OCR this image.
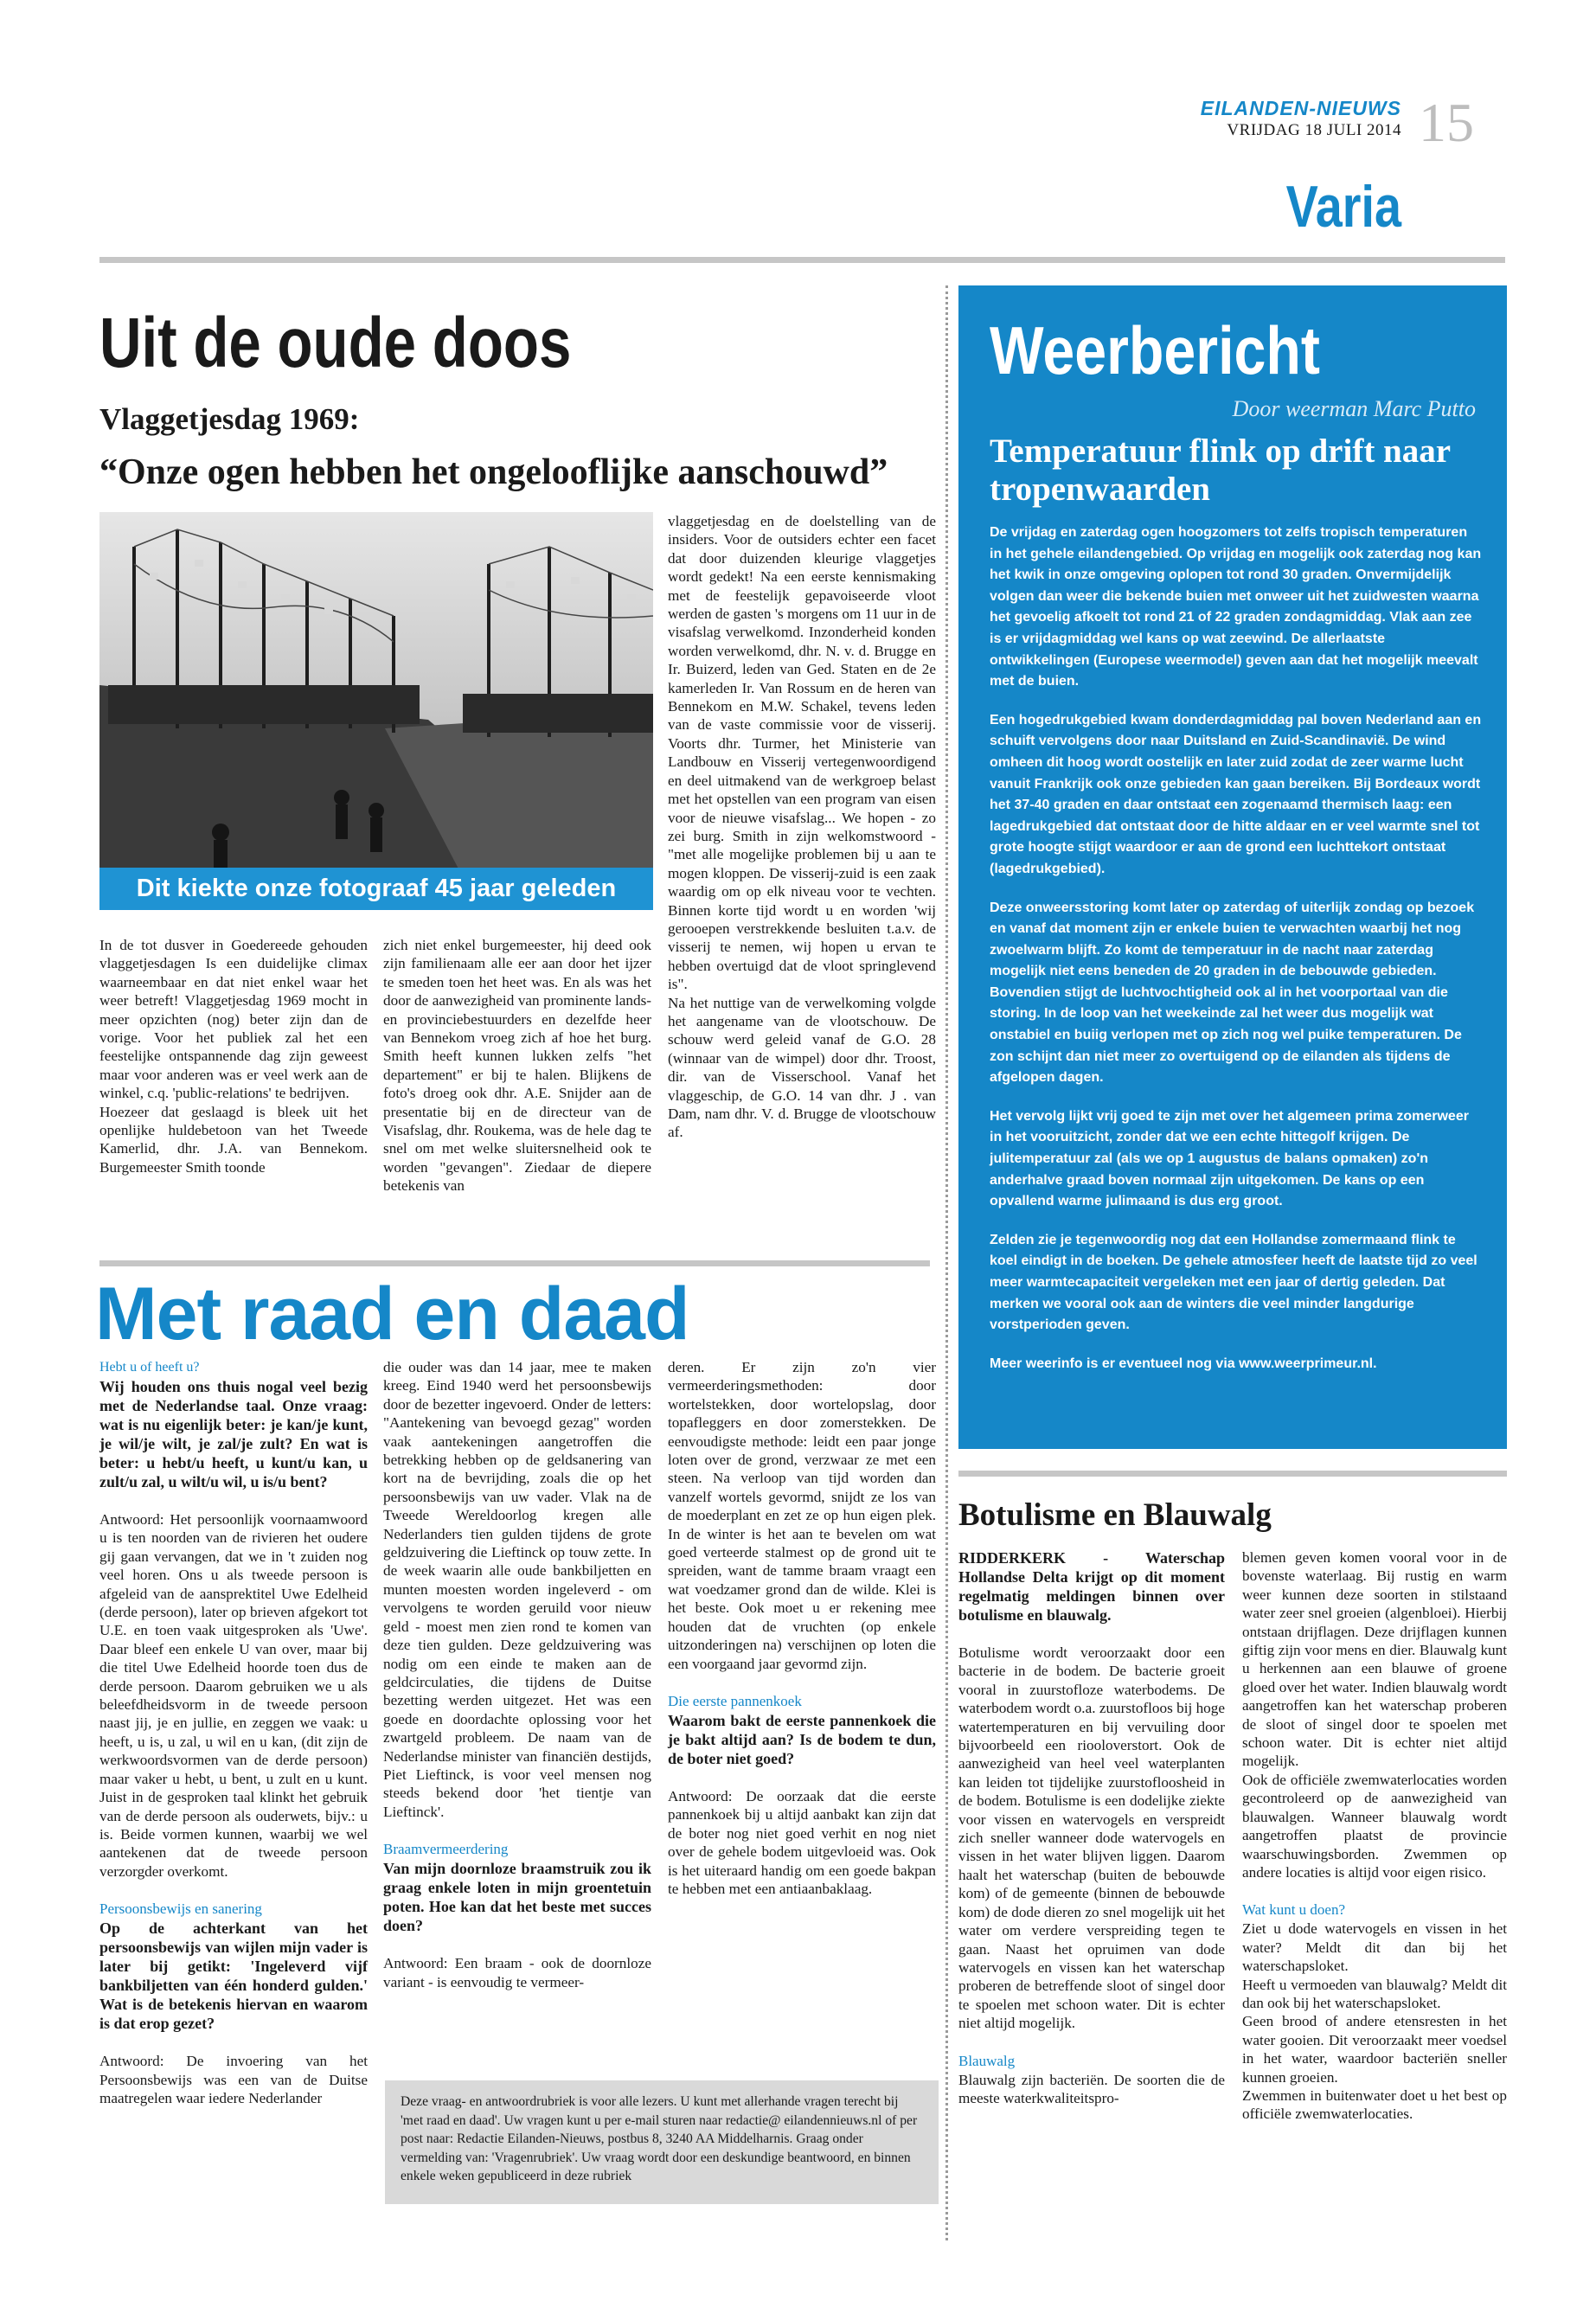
EILANDEN-NIEUWS
VRIJDAG 18 JULI 2014 15
Varia
Uit de oude doos
Vlaggetjesdag 1969:
“Onze ogen hebben het ongelooflijke aanschouwd”
Dit kiekte onze fotograaf 45 jaar geleden

In de tot dusver in Goedereede gehouden vlaggetjesdagen Is een duidelijke climax waarneembaar en dat niet enkel waar het weer betreft! Vlaggetjesdag 1969 mocht in meer opzichten (nog) beter zijn dan de vorige. Voor het publiek zal het een feestelijke ontspannende dag zijn geweest maar voor anderen was er veel werk aan de winkel, c.q. 'public-relations' te bedrijven.

Hoezeer dat geslaagd is bleek uit het openlijke huldebetoon van het Tweede Kamerlid, dhr. J.A. van Bennekom. Burgemeester Smith toonde

zich niet enkel burgemeester, hij deed ook zijn familienaam alle eer aan door het ijzer te smeden toen het heet was. En als was het door de aanwezigheid van prominente lands- en provinciebestuurders en dezelfde heer van Bennekom vroeg zich af hoe het burg. Smith heeft kunnen lukken zelfs "het departement" er bij te halen. Blijkens de foto's droeg ook dhr. A.E. Snijder aan de presentatie bij en de directeur van de Visafslag, dhr. Roukema, was de hele dag te snel om met welke sluitersnelheid ook te worden "gevangen". Ziedaar de diepere betekenis van

vlaggetjesdag en de doelstelling van de insiders. Voor de outsiders echter een facet dat door duizenden kleurige vlaggetjes wordt gedekt! Na een eerste kennismaking met de feestelijk gepavoiseerde vloot werden de gasten 's morgens om 11 uur in de visafslag verwelkomd. Inzonderheid konden worden verwelkomd, dhr. N. v. d. Brugge en Ir. Buizerd, leden van Ged. Staten en de 2e kamerleden Ir. Van Rossum en de heren van Bennekom en M.W. Schakel, tevens leden van de vaste commissie voor de visserij. Voorts dhr. Turmer, het Ministerie van Landbouw en Visserij vertegenwoordigend en deel uitmakend van de werkgroep belast met het opstellen van een program van eisen voor de nieuwe visafslag... We hopen - zo zei burg. Smith in zijn welkomstwoord - "met alle mogelijke problemen bij u aan te mogen kloppen. De visserij-zuid is een zaak waardig om op elk niveau voor te vechten. Binnen korte tijd wordt u en worden 'wij gerooepen verstrekkende besluiten t.a.v. de visserij te nemen, wij hopen u ervan te hebben overtuigd dat de vloot springlevend is".

Na het nuttige van de verwelkoming volgde het aangename van de vlootschouw. De schouw werd geleid vanaf de G.O. 28 (winnaar van de wimpel) door dhr. Troost, dir. van de Visserschool. Vanaf het vlaggeschip, de G.O. 14 van dhr. J . van Dam, nam dhr. V. d. Brugge de vlootschouw af.

Met raad en daad
Hebt u of heeft u?

Wij houden ons thuis nogal veel bezig met de Nederlandse taal. Onze vraag: wat is nu eigenlijk beter: je kan/je kunt, je wil/je wilt, je zal/je zult? En wat is beter: u hebt/u heeft, u kunt/u kan, u zult/u zal, u wilt/u wil, u is/u bent?

Antwoord: Het persoonlijk voornaamwoord u is ten noorden van de rivieren het oudere gij gaan vervangen, dat we in 't zuiden nog veel horen. Ons u als tweede persoon is afgeleid van de aansprektitel Uwe Edelheid (derde persoon), later op brieven afgekort tot U.E. en toen vaak uitgesproken als 'Uwe'. Daar bleef een enkele U van over, maar bij die titel Uwe Edelheid hoorde toen dus de derde persoon. Daarom gebruiken we u als beleefdheidsvorm in de tweede persoon naast jij, je en jullie, en zeggen we vaak: u heeft, u is, u zal, u wil en u kan, (dit zijn de werkwoordsvormen van de derde persoon) maar vaker u hebt, u bent, u zult en u kunt. Juist in de gesproken taal klinkt het gebruik van de derde persoon als ouderwets, bijv.: u is. Beide vormen kunnen, waarbij we wel aantekenen dat de tweede persoon verzorgder overkomt.

Persoonsbewijs en sanering

Op de achterkant van het persoonsbewijs van wijlen mijn vader is later bij getikt: 'Ingeleverd vijf bankbiljetten van één honderd gulden.' Wat is de betekenis hiervan en waarom is dat erop gezet?

Antwoord: De invoering van het Persoonsbewijs was een van de Duitse maatregelen waar iedere Nederlander

die ouder was dan 14 jaar, mee te maken kreeg. Eind 1940 werd het persoonsbewijs door de bezetter ingevoerd. Onder de letters: "Aantekening van bevoegd gezag" worden vaak aantekeningen aangetroffen die betrekking hebben op de geldsanering van kort na de bevrijding, zoals die op het persoonsbewijs van uw vader. Vlak na de Tweede Wereldoorlog kregen alle Nederlanders tien gulden tijdens de grote geldzuivering die Lieftinck op touw zette. In de week waarin alle oude bankbiljetten en munten moesten worden ingeleverd - om vervolgens te worden geruild voor nieuw geld - moest men zien rond te komen van deze tien gulden. Deze geldzuivering was nodig om een einde te maken aan de geldcirculaties, die tijdens de Duitse bezetting werden uitgezet. Het was een goede en doordachte oplossing voor het zwartgeld probleem. De naam van de Nederlandse minister van financiën destijds, Piet Lieftinck, is voor veel mensen nog steeds bekend door 'het tientje van Lieftinck'.

Braamvermeerdering

Van mijn doornloze braamstruik zou ik graag enkele loten in mijn groentetuin poten. Hoe kan dat het beste met succes doen?

Antwoord: Een braam - ook de doornloze variant - is eenvoudig te vermeer-

deren. Er zijn zo'n vier vermeerderingsmethoden: door wortelstekken, door wortelopslag, door topafleggers en door zomerstekken. De eenvoudigste methode: leidt een paar jonge loten over de grond, verzwaar ze met een steen. Na verloop van tijd worden dan vanzelf wortels gevormd, snijdt ze los van de moederplant en zet ze op hun eigen plek. In de winter is het aan te bevelen om wat goed verteerde stalmest op de grond uit te spreiden, want de tamme braam vraagt een wat voedzamer grond dan de wilde. Klei is het beste. Ook moet u er rekening mee houden dat de vruchten (op enkele uitzonderingen na) verschijnen op loten die een voorgaand jaar gevormd zijn.

Die eerste pannenkoek

Waarom bakt de eerste pannenkoek die je bakt altijd aan? Is de bodem te dun, de boter niet goed?

Antwoord: De oorzaak dat die eerste pannenkoek bij u altijd aanbakt kan zijn dat de boter nog niet goed verhit en nog niet over de gehele bodem uitgevloeid was. Ook is het uiteraard handig om een goede bakpan te hebben met een antiaanbaklaag.

Deze vraag- en antwoordrubriek is voor alle lezers. U kunt met allerhande vragen terecht bij 'met raad en daad'. Uw vragen kunt u per e-mail sturen naar redactie@ eilandennieuws.nl of per post naar: Redactie Eilanden-Nieuws, postbus 8, 3240 AA Middelharnis. Graag onder vermelding van: 'Vragenrubriek'. Uw vraag wordt door een deskundige beantwoord, en binnen enkele weken gepubliceerd in deze rubriek
Weerbericht
Door weerman Marc Putto
Temperatuur flink op drift naar tropenwaarden

De vrijdag en zaterdag ogen hoogzomers tot zelfs tropisch temperaturen in het gehele eilandengebied. Op vrijdag en mogelijk ook zaterdag nog kan het kwik in onze omgeving oplopen tot rond 30 graden. Onvermijdelijk volgen dan weer die bekende buien met onweer uit het zuidwesten waarna het gevoelig afkoelt tot rond 21 of 22 graden zondagmiddag. Vlak aan zee is er vrijdagmiddag wel kans op wat zeewind. De allerlaatste ontwikkelingen (Europese weermodel) geven aan dat het mogelijk meevalt met de buien.

Een hogedrukgebied kwam donderdagmiddag pal boven Nederland aan en schuift vervolgens door naar Duitsland en Zuid-Scandinavië. De wind omheen dit hoog wordt oostelijk en later zuid zodat de zeer warme lucht vanuit Frankrijk ook onze gebieden kan gaan bereiken. Bij Bordeaux wordt het 37-40 graden en daar ontstaat een zogenaamd thermisch laag: een lagedrukgebied dat ontstaat door de hitte aldaar en er veel warmte snel tot grote hoogte stijgt waardoor er aan de grond een luchttekort ontstaat (lagedrukgebied).

Deze onweersstoring komt later op zaterdag of uiterlijk zondag op bezoek en vanaf dat moment zijn er enkele buien te verwachten waarbij het nog zwoelwarm blijft. Zo komt de temperatuur in de nacht naar zaterdag mogelijk niet eens beneden de 20 graden in de bebouwde gebieden. Bovendien stijgt de luchtvochtigheid ook al in het voorportaal van die storing. In de loop van het weekeinde zal het weer dus mogelijk wat onstabiel en buiig verlopen met op zich nog wel puike temperaturen. De zon schijnt dan niet meer zo overtuigend op de eilanden als tijdens de afgelopen dagen.

Het vervolg lijkt vrij goed te zijn met over het algemeen prima zomerweer in het vooruitzicht, zonder dat we een echte hittegolf krijgen. De julitemperatuur zal (als we op 1 augustus de balans opmaken) zo'n anderhalve graad boven normaal zijn uitgekomen. De kans op een opvallend warme julimaand is dus erg groot.

Zelden zie je tegenwoordig nog dat een Hollandse zomermaand flink te koel eindigt in de boeken. De gehele atmosfeer heeft de laatste tijd zo veel meer warmtecapaciteit vergeleken met een jaar of dertig geleden. Dat merken we vooral ook aan de winters die veel minder langdurige vorstperioden geven.

Meer weerinfo is er eventueel nog via www.weerprimeur.nl.

Botulisme en Blauwalg

RIDDERKERK - Waterschap Hollandse Delta krijgt op dit moment regelmatig meldingen binnen over botulisme en blauwalg.

Botulisme wordt veroorzaakt door een bacterie in de bodem. De bacterie groeit vooral in zuurstofloze waterbodems. De waterbodem wordt o.a. zuurstofloos bij hoge watertemperaturen en bij vervuiling door bijvoorbeeld een riooloverstort. Ook de aanwezigheid van heel veel waterplanten kan leiden tot tijdelijke zuurstofloosheid in de bodem. Botulisme is een dodelijke ziekte voor vissen en watervogels en verspreidt zich sneller wanneer dode watervogels en vissen in het water blijven liggen. Daarom haalt het waterschap (buiten de bebouwde kom) of de gemeente (binnen de bebouwde kom) de dode dieren zo snel mogelijk uit het water om verdere verspreiding tegen te gaan. Naast het opruimen van dode watervogels en vissen kan het waterschap proberen de betreffende sloot of singel door te spoelen met schoon water. Dit is echter niet altijd mogelijk.

Blauwalg

Blauwalg zijn bacteriën. De soorten die de meeste waterkwaliteitspro-

blemen geven komen vooral voor in de bovenste waterlaag. Bij rustig en warm weer kunnen deze soorten in stilstaand water zeer snel groeien (algenbloei). Hierbij ontstaan drijflagen. Deze drijflagen kunnen giftig zijn voor mens en dier. Blauwalg kunt u herkennen aan een blauwe of groene gloed over het water. Indien blauwalg wordt aangetroffen kan het waterschap proberen de sloot of singel door te spoelen met schoon water. Dit is echter niet altijd mogelijk.

Ook de officiële zwemwaterlocaties worden gecontroleerd op de aanwezigheid van blauwalgen. Wanneer blauwalg wordt aangetroffen plaatst de provincie waarschuwingsborden. Zwemmen op andere locaties is altijd voor eigen risico.

Wat kunt u doen?

Ziet u dode watervogels en vissen in het water? Meldt dit dan bij het waterschapsloket.

Heeft u vermoeden van blauwalg? Meldt dit dan ook bij het waterschapsloket.

Geen brood of andere etensresten in het water gooien. Dit veroorzaakt meer voedsel in het water, waardoor bacteriën sneller kunnen groeien.

Zwemmen in buitenwater doet u het best op officiële zwemwaterlocaties.
